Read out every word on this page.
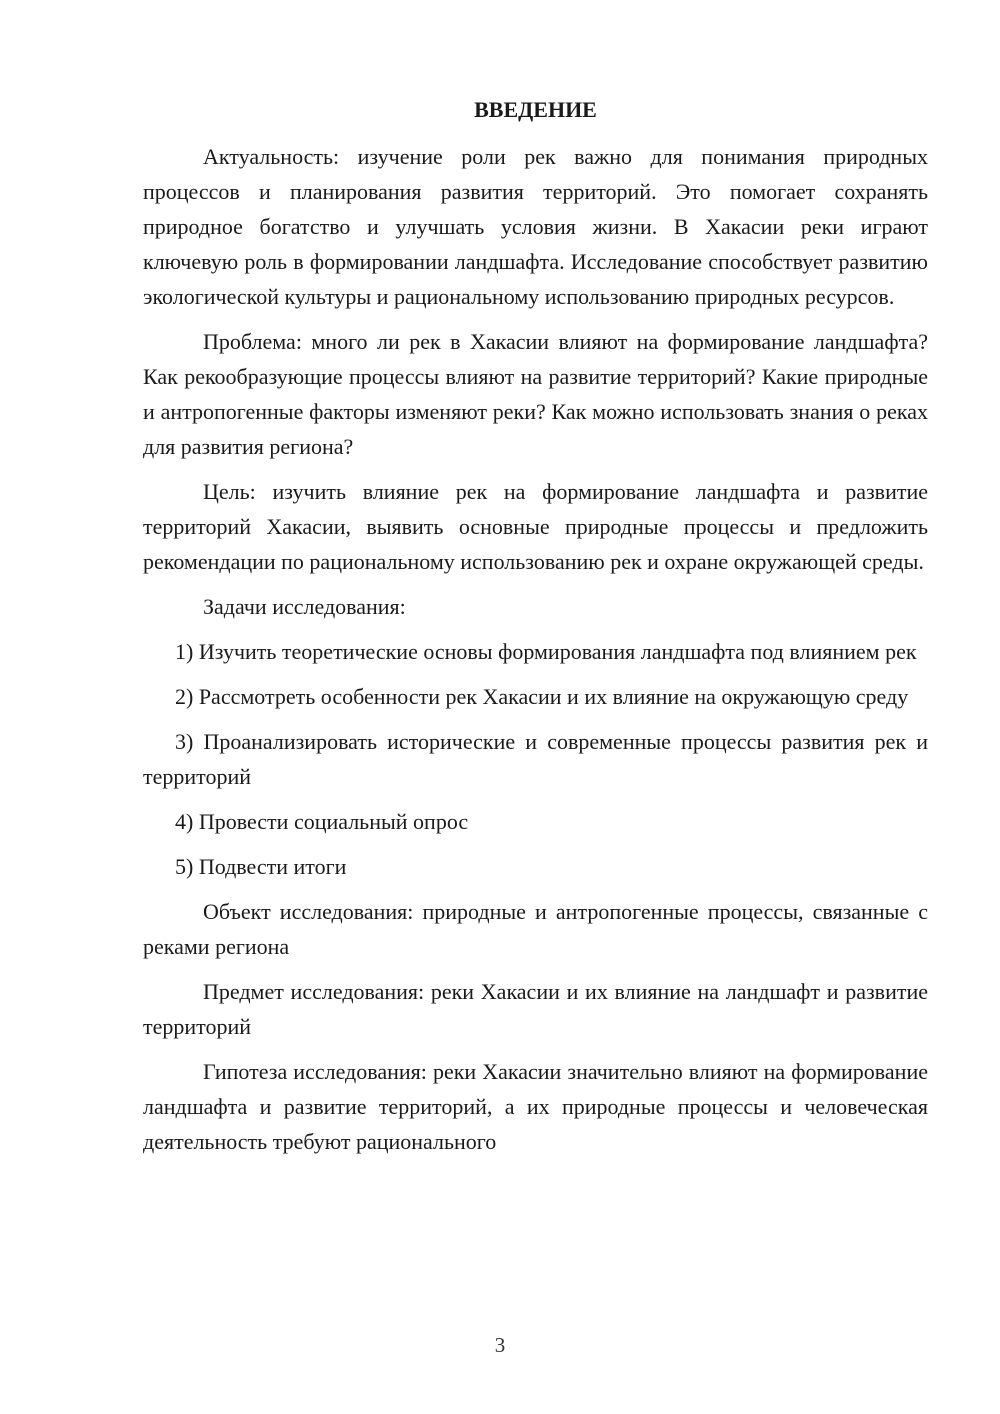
ВВЕДЕНИЕ

Актуальность: изучение роли рек важно для понимания природных процессов и планирования развития территорий. Это помогает сохранять природное богатство и улучшать условия жизни. В Хакасии реки играют ключевую роль в формировании ландшафта. Исследование способствует развитию экологической культуры и рациональному использованию природных ресурсов.

Проблема: много ли рек в Хакасии влияют на формирование ландшафта? Как рекообразующие процессы влияют на развитие территорий? Какие природные и антропогенные факторы изменяют реки? Как можно использовать знания о реках для развития региона?

Цель: изучить влияние рек на формирование ландшафта и развитие территорий Хакасии, выявить основные природные процессы и предложить рекомендации по рациональному использованию рек и охране окружающей среды.

Задачи исследования:

1) Изучить теоретические основы формирования ландшафта под влиянием рек

2) Рассмотреть особенности рек Хакасии и их влияние на окружающую среду

3) Проанализировать исторические и современные процессы развития рек и территорий

4) Провести социальный опрос

5) Подвести итоги

Объект исследования: природные и антропогенные процессы, связанные с реками региона

Предмет исследования: реки Хакасии и их влияние на ландшафт и развитие территорий

Гипотеза исследования: реки Хакасии значительно влияют на формирование ландшафта и развитие территорий, а их природные процессы и человеческая деятельность требуют рационального

3
